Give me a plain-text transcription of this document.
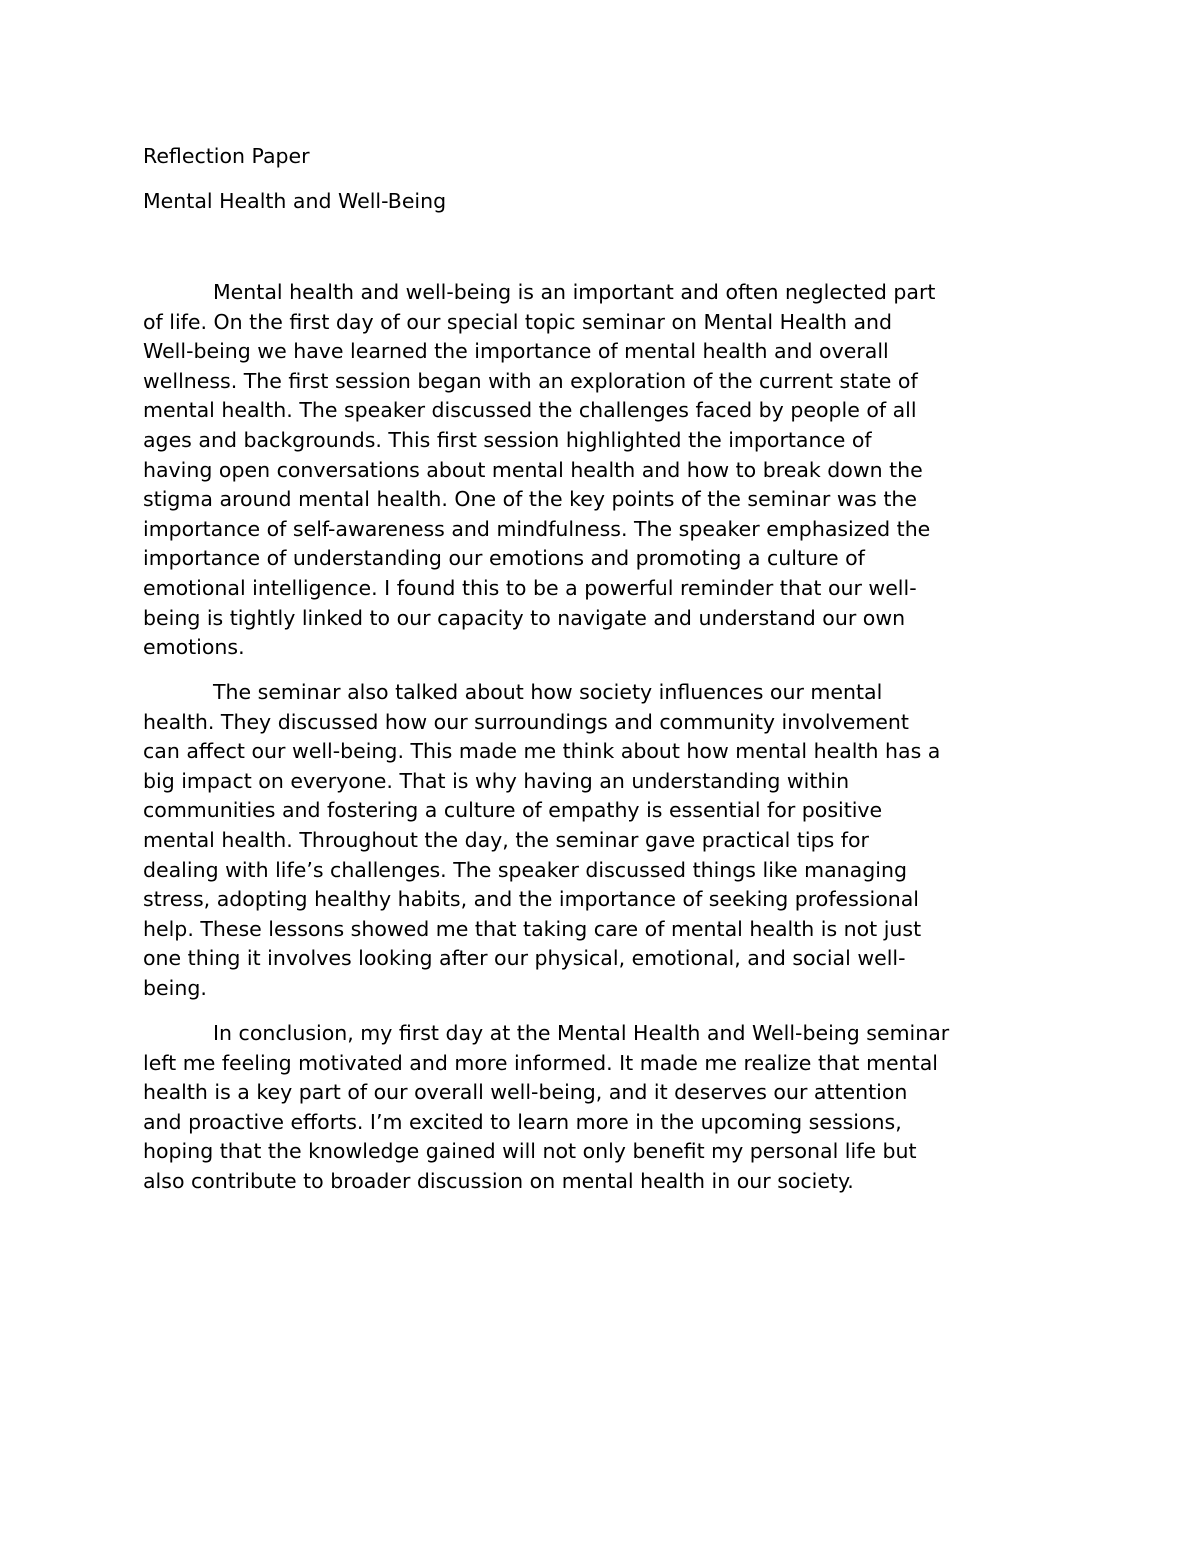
Reflection Paper
Mental Health and Well-Being
Mental health and well-being is an important and often neglected part
of life. On the first day of our special topic seminar on Mental Health and
Well-being we have learned the importance of mental health and overall
wellness. The first session began with an exploration of the current state of
mental health. The speaker discussed the challenges faced by people of all
ages and backgrounds. This first session highlighted the importance of
having open conversations about mental health and how to break down the
stigma around mental health. One of the key points of the seminar was the
importance of self-awareness and mindfulness. The speaker emphasized the
importance of understanding our emotions and promoting a culture of
emotional intelligence. I found this to be a powerful reminder that our well-
being is tightly linked to our capacity to navigate and understand our own
emotions.
The seminar also talked about how society influences our mental
health. They discussed how our surroundings and community involvement
can affect our well-being. This made me think about how mental health has a
big impact on everyone. That is why having an understanding within
communities and fostering a culture of empathy is essential for positive
mental health. Throughout the day, the seminar gave practical tips for
dealing with life’s challenges. The speaker discussed things like managing
stress, adopting healthy habits, and the importance of seeking professional
help. These lessons showed me that taking care of mental health is not just
one thing it involves looking after our physical, emotional, and social well-
being.
In conclusion, my first day at the Mental Health and Well-being seminar
left me feeling motivated and more informed. It made me realize that mental
health is a key part of our overall well-being, and it deserves our attention
and proactive efforts. I’m excited to learn more in the upcoming sessions,
hoping that the knowledge gained will not only benefit my personal life but
also contribute to broader discussion on mental health in our society.
